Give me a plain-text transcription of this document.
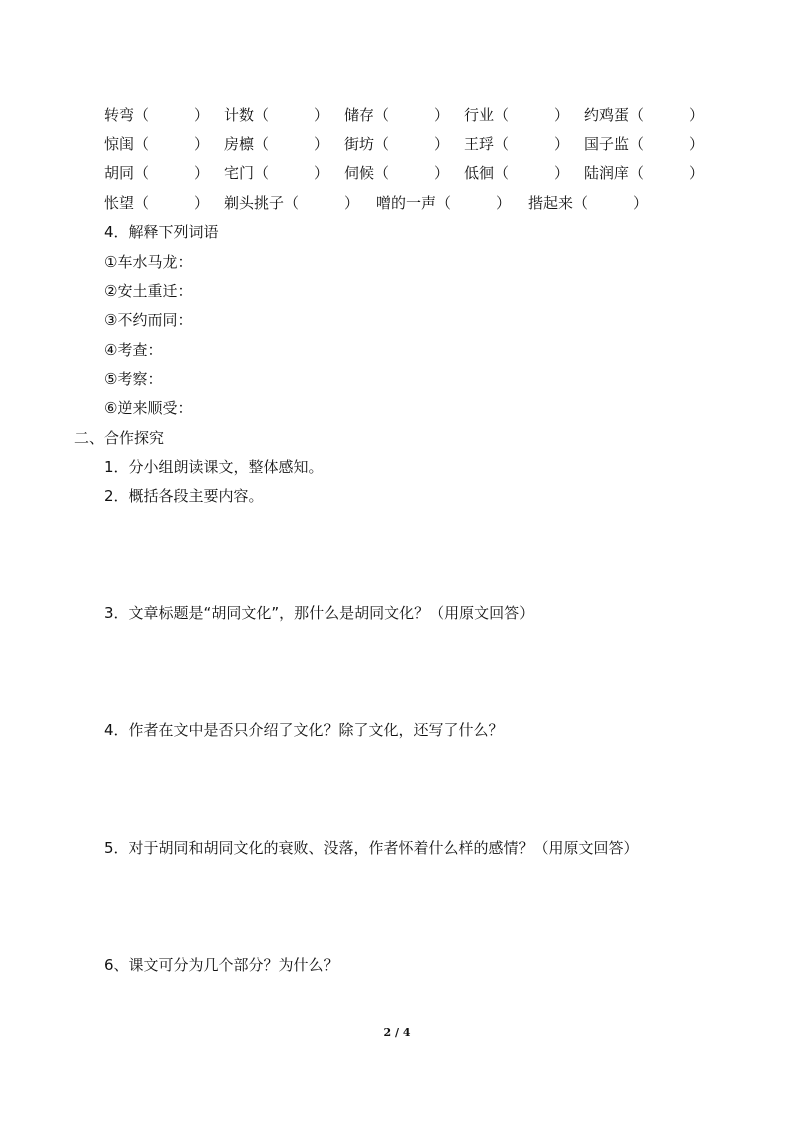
转弯（　　　） 计数（　　　） 储存（　　　） 行业（　　　） 约鸡蛋（　　　）
惊闺（　　　） 房檩（　　　） 街坊（　　　） 王琈（　　　） 国子监（　　　）
胡同（　　　） 宅门（　　　） 伺候（　　　） 低徊（　　　） 陆润庠（　　　）
怅望（　　　） 剃头挑子（　　　） 噌的一声（　　　） 揩起来（　　　）
4．解释下列词语
①车水马龙：
②安土重迁：
③不约而同：
④考查：
⑤考察：
⑥逆来顺受：
二、合作探究
1．分小组朗读课文，整体感知。
2．概括各段主要内容。
3．文章标题是“胡同文化”，那什么是胡同文化？（用原文回答）
4．作者在文中是否只介绍了文化？除了文化，还写了什么？
5．对于胡同和胡同文化的衰败、没落，作者怀着什么样的感情？（用原文回答）
6、课文可分为几个部分？为什么？
2 / 4
